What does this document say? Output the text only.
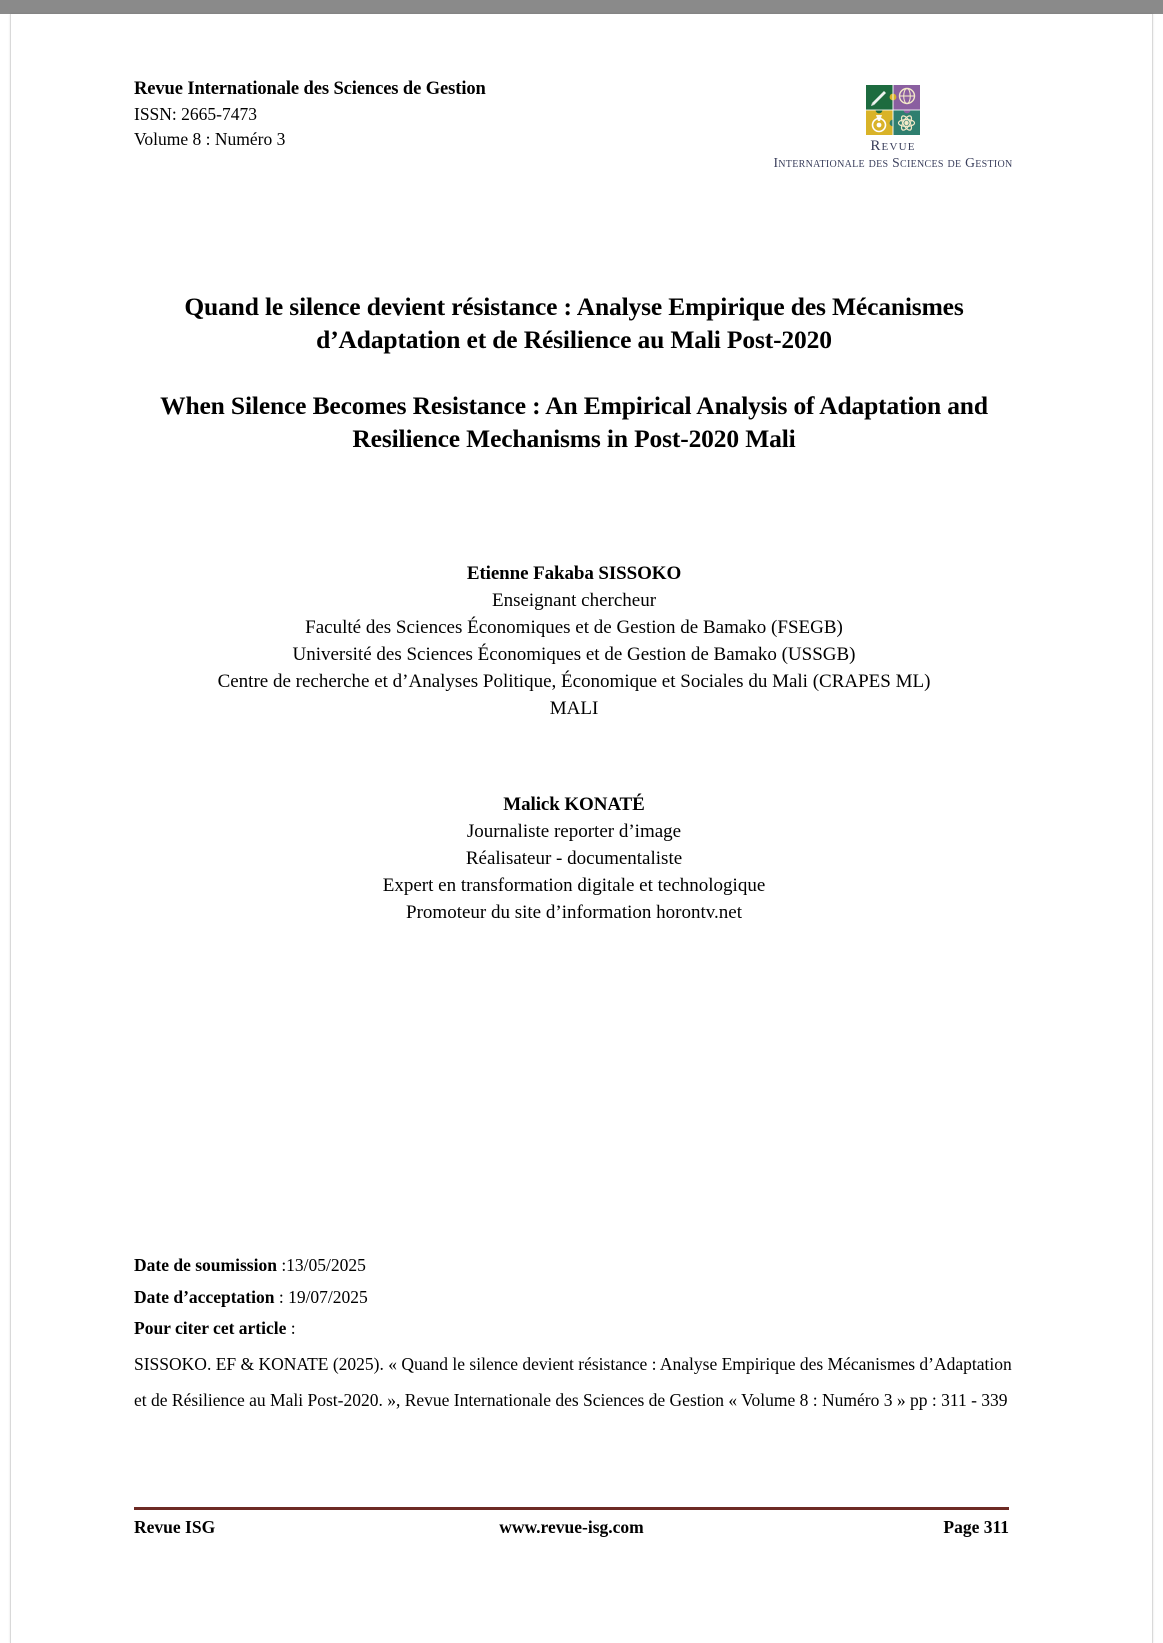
Revue Internationale des Sciences de Gestion
ISSN: 2665-7473
Volume 8 : Numéro 3	Revue
Internationale des Sciences de Gestion
Quand le silence devient résistance : Analyse Empirique des Mécanismes d’Adaptation et de Résilience au Mali Post-2020
When Silence Becomes Resistance : An Empirical Analysis of Adaptation and Resilience Mechanisms in Post-2020 Mali
Etienne Fakaba SISSOKO
Enseignant chercheur
Faculté des Sciences Économiques et de Gestion de Bamako (FSEGB)
Université des Sciences Économiques et de Gestion de Bamako (USSGB)
Centre de recherche et d’Analyses Politique, Économique et Sociales du Mali (CRAPES ML)
MALI
Malick KONATÉ
Journaliste reporter d’image
Réalisateur - documentaliste
Expert en transformation digitale et technologique
Promoteur du site d’information horontv.net
Date de soumission :13/05/2025
Date d’acceptation : 19/07/2025
Pour citer cet article :
SISSOKO. EF & KONATE (2025). « Quand le silence devient résistance : Analyse Empirique des Mécanismes d’Adaptation et de Résilience au Mali Post-2020. », Revue Internationale des Sciences de Gestion « Volume 8 : Numéro 3 » pp : 311 - 339
Revue ISG	www.revue-isg.com	Page 311
